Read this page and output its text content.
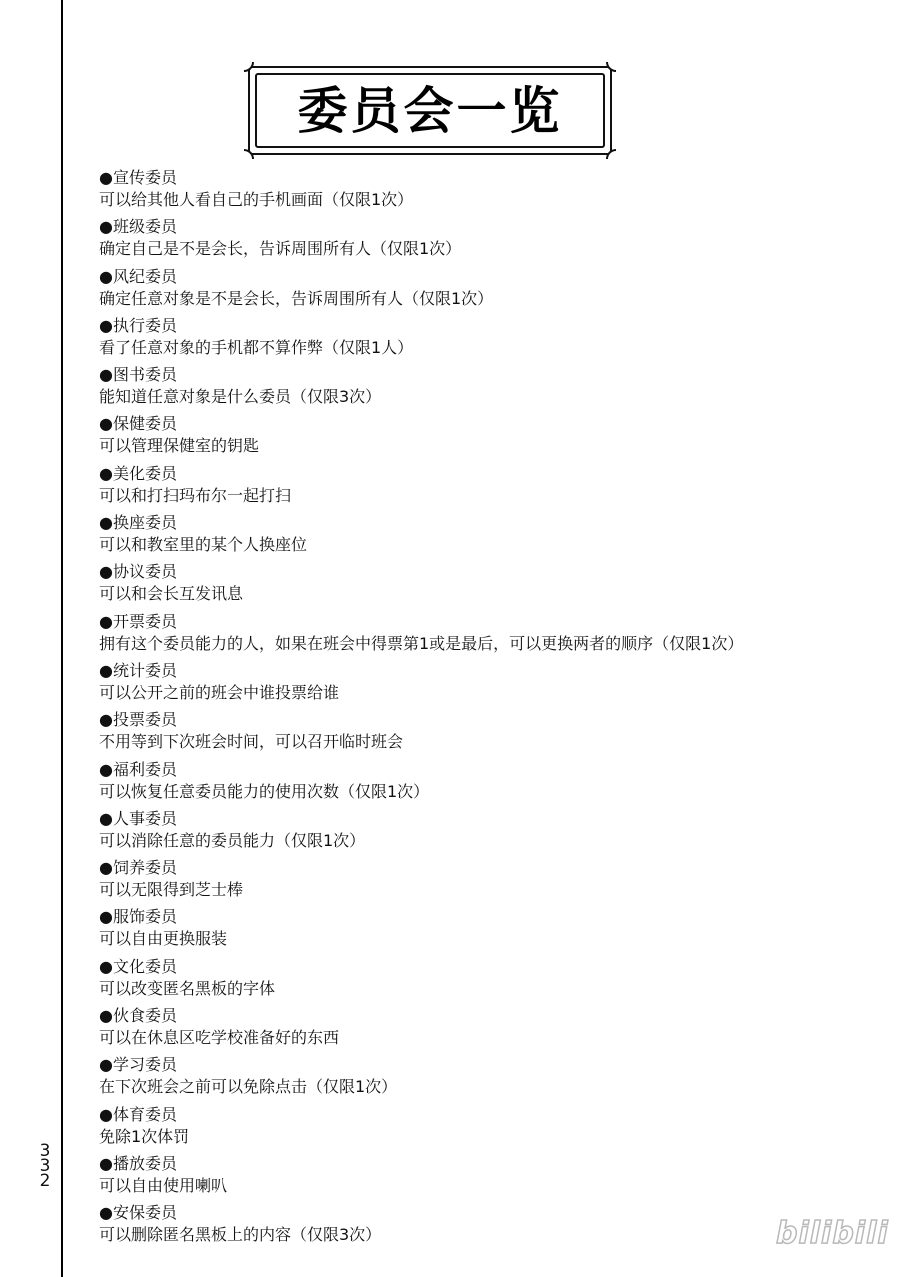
3
3
2
委员会一览
●宣传委员
可以给其他人看自己的手机画面（仅限1次）
●班级委员
确定自己是不是会长，告诉周围所有人（仅限1次）
●风纪委员
确定任意对象是不是会长，告诉周围所有人（仅限1次）
●执行委员
看了任意对象的手机都不算作弊（仅限1人）
●图书委员
能知道任意对象是什么委员（仅限3次）
●保健委员
可以管理保健室的钥匙
●美化委员
可以和打扫玛布尔一起打扫
●换座委员
可以和教室里的某个人换座位
●协议委员
可以和会长互发讯息
●开票委员
拥有这个委员能力的人，如果在班会中得票第1或是最后，可以更换两者的顺序（仅限1次）
●统计委员
可以公开之前的班会中谁投票给谁
●投票委员
不用等到下次班会时间，可以召开临时班会
●福利委员
可以恢复任意委员能力的使用次数（仅限1次）
●人事委员
可以消除任意的委员能力（仅限1次）
●饲养委员
可以无限得到芝士棒
●服饰委员
可以自由更换服装
●文化委员
可以改变匿名黑板的字体
●伙食委员
可以在休息区吃学校准备好的东西
●学习委员
在下次班会之前可以免除点击（仅限1次）
●体育委员
免除1次体罚
●播放委员
可以自由使用喇叭
●安保委员
可以删除匿名黑板上的内容（仅限3次）	bilibili
